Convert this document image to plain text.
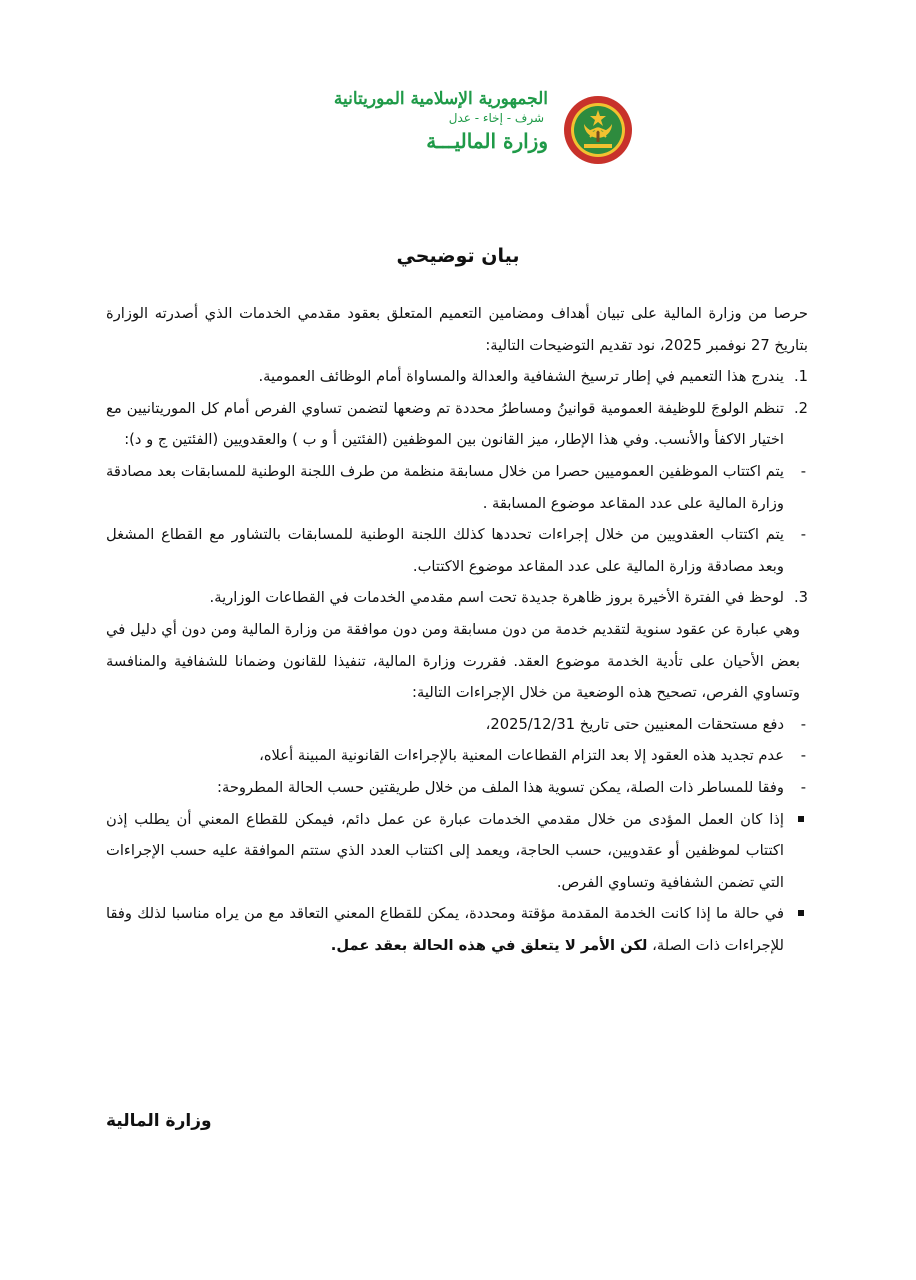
الجمهورية الإسلامية الموريتانية
شرف - إخاء - عدل
وزارة الماليـــة
بيان توضيحي

حرصا من وزارة المالية على تبيان أهداف ومضامين التعميم المتعلق بعقود مقدمي الخدمات الذي أصدرته الوزارة بتاريخ 27 نوفمبر 2025، نود تقديم التوضيحات التالية:

1.
يندرج هذا التعميم في إطار ترسيخ الشفافية والعدالة والمساواة أمام الوظائف العمومية.

2.
تنظم الولوجَ للوظيفة العمومية قوانينُ ومساطرُ محددة تم وضعها لتضمن تساوي الفرص أمام كل الموريتانيين مع اختيار الاكفأ والأنسب. وفي هذا الإطار، ميز القانون بين الموظفين (الفئتين أ و ب ) والعقدويين (الفئتين ج و د):

-
يتم اكتتاب الموظفين العموميين حصرا من خلال مسابقة منظمة من طرف اللجنة الوطنية للمسابقات بعد مصادقة وزارة المالية على عدد المقاعد موضوع المسابقة .

-
يتم اكتتاب العقدويين من خلال إجراءات تحددها كذلك اللجنة الوطنية للمسابقات بالتشاور مع القطاع المشغل وبعد مصادقة وزارة المالية على عدد المقاعد موضوع الاكتتاب.

3.
لوحظ في الفترة الأخيرة بروز ظاهرة جديدة تحت اسم مقدمي الخدمات في القطاعات الوزارية.

وهي عبارة عن عقود سنوية لتقديم خدمة من دون مسابقة ومن دون موافقة من وزارة المالية ومن دون أي دليل في بعض الأحيان على تأدية الخدمة موضوع العقد. فقررت وزارة المالية، تنفيذا للقانون وضمانا للشفافية والمنافسة وتساوي الفرص، تصحيح هذه الوضعية من خلال الإجراءات التالية:

-
دفع مستحقات المعنيين حتى تاريخ 2025/12/31،

-
عدم تجديد هذه العقود إلا بعد التزام القطاعات المعنية بالإجراءات القانونية المبينة أعلاه،

-
وفقا للمساطر ذات الصلة، يمكن تسوية هذا الملف من خلال طريقتين حسب الحالة المطروحة:

إذا كان العمل المؤدى من خلال مقدمي الخدمات عبارة عن عمل دائم، فيمكن للقطاع المعني أن يطلب إذن اكتتاب لموظفين أو عقدويين، حسب الحاجة، ويعمد إلى اكتتاب العدد الذي ستتم الموافقة عليه حسب الإجراءات التي تضمن الشفافية وتساوي الفرص.

في حالة ما إذا كانت الخدمة المقدمة مؤقتة ومحددة، يمكن للقطاع المعني التعاقد مع من يراه مناسبا لذلك وفقا للإجراءات ذات الصلة، لكن الأمر لا يتعلق في هذه الحالة بعقد عمل.

وزارة المالية
